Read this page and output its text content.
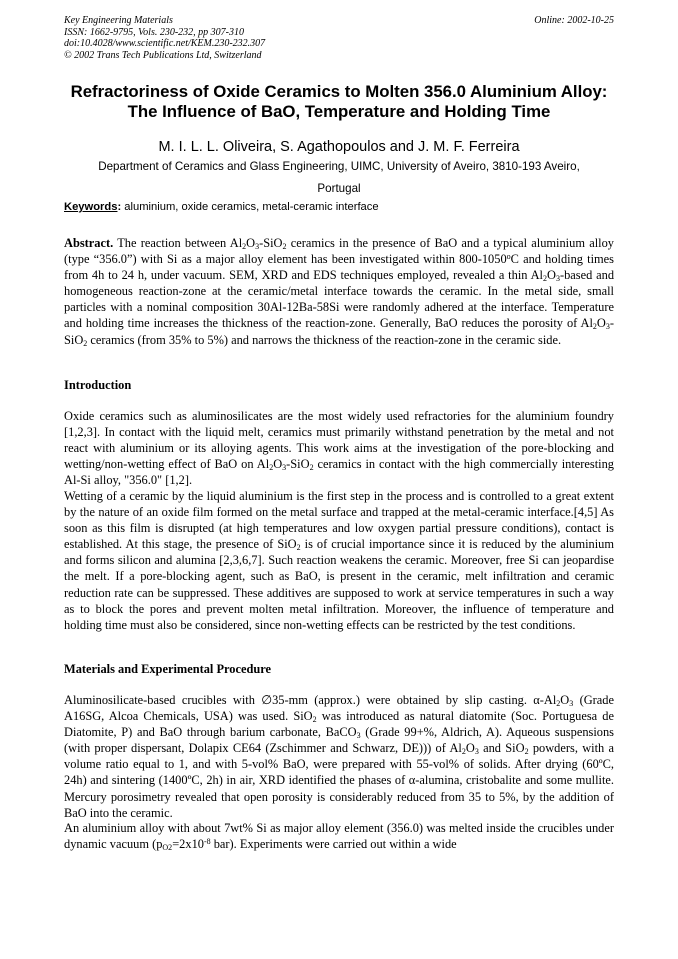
Key Engineering Materials
ISSN: 1662-9795, Vols. 230-232, pp 307-310
doi:10.4028/www.scientific.net/KEM.230-232.307
© 2002 Trans Tech Publications Ltd, Switzerland
Online: 2002-10-25
Refractoriness of Oxide Ceramics to Molten 356.0 Aluminium Alloy:
The Influence of BaO, Temperature and Holding Time
M. I. L. L. Oliveira, S. Agathopoulos and J. M. F. Ferreira
Department of Ceramics and Glass Engineering, UIMC, University of Aveiro, 3810-193 Aveiro,
Portugal
Keywords: aluminium, oxide ceramics, metal-ceramic interface

Abstract. The reaction between $Al_2O_3-SiO_2$ ceramics in the presence of BaO and a typical aluminium alloy (type “356.0”) with Si as a major alloy element has been investigated within 800-1050$^o$C and holding times from 4h to 24 h, under vacuum. SEM, XRD and EDS techniques employed, revealed a thin $Al_2O_3$-based and homogeneous reaction-zone at the ceramic/metal interface towards the ceramic. In the metal side, small particles with a nominal composition 30Al-12Ba-58Si were randomly adhered at the interface. Temperature and holding time increases the thickness of the reaction-zone. Generally, BaO reduces the porosity of $Al_2O_3-SiO_2$ ceramics (from 35% to 5%) and narrows the thickness of the reaction-zone in the ceramic side.

Introduction

Oxide ceramics such as aluminosilicates are the most widely used refractories for the aluminium foundry [1,2,3]. In contact with the liquid melt, ceramics must primarily withstand penetration by the metal and not react with aluminium or its alloying agents. This work aims at the investigation of the pore-blocking and wetting/non-wetting effect of BaO on $Al_2O_3-SiO_2$ ceramics in contact with the high commercially interesting Al-Si alloy, "356.0" [1,2].

Wetting of a ceramic by the liquid aluminium is the first step in the process and is controlled to a great extent by the nature of an oxide film formed on the metal surface and trapped at the metal-ceramic interface.[4,5] As soon as this film is disrupted (at high temperatures and low oxygen partial pressure conditions), contact is established. At this stage, the presence of SiO$_2$ is of crucial importance since it is reduced by the aluminium and forms silicon and alumina [2,3,6,7]. Such reaction weakens the ceramic. Moreover, free Si can jeopardise the melt. If a pore-blocking agent, such as BaO, is present in the ceramic, melt infiltration and ceramic reduction rate can be suppressed. These additives are supposed to work at service temperatures in such a way as to block the pores and prevent molten metal infiltration. Moreover, the influence of temperature and holding time must also be considered, since non-wetting effects can be restricted by the test conditions.

Materials and Experimental Procedure

Aluminosilicate-based crucibles with ∅35-mm (approx.) were obtained by slip casting. $\alpha-Al_2O_3$ (Grade A16SG, Alcoa Chemicals, USA) was used. SiO$_2$ was introduced as natural diatomite (Soc. Portuguesa de Diatomite, P) and BaO through barium carbonate, BaCO$_3$ (Grade 99+%, Aldrich, A). Aqueous suspensions (with proper dispersant, Dolapix CE64 (Zschimmer and Schwarz, DE))) of $Al_2O_3$ and SiO$_2$ powders, with a volume ratio equal to 1, and with 5-vol% BaO, were prepared with 55-vol% of solids. After drying (60ºC, 24h) and sintering (1400ºC, 2h) in air, XRD identified the phases of α-alumina, cristobalite and some mullite. Mercury porosimetry revealed that open porosity is considerably reduced from 35 to 5%, by the addition of BaO into the ceramic.

An aluminium alloy with about 7wt% Si as major alloy element (356.0) was melted inside the crucibles under dynamic vacuum ($p_{O2}=2x10^{-8}$ bar). Experiments were carried out within a wide
